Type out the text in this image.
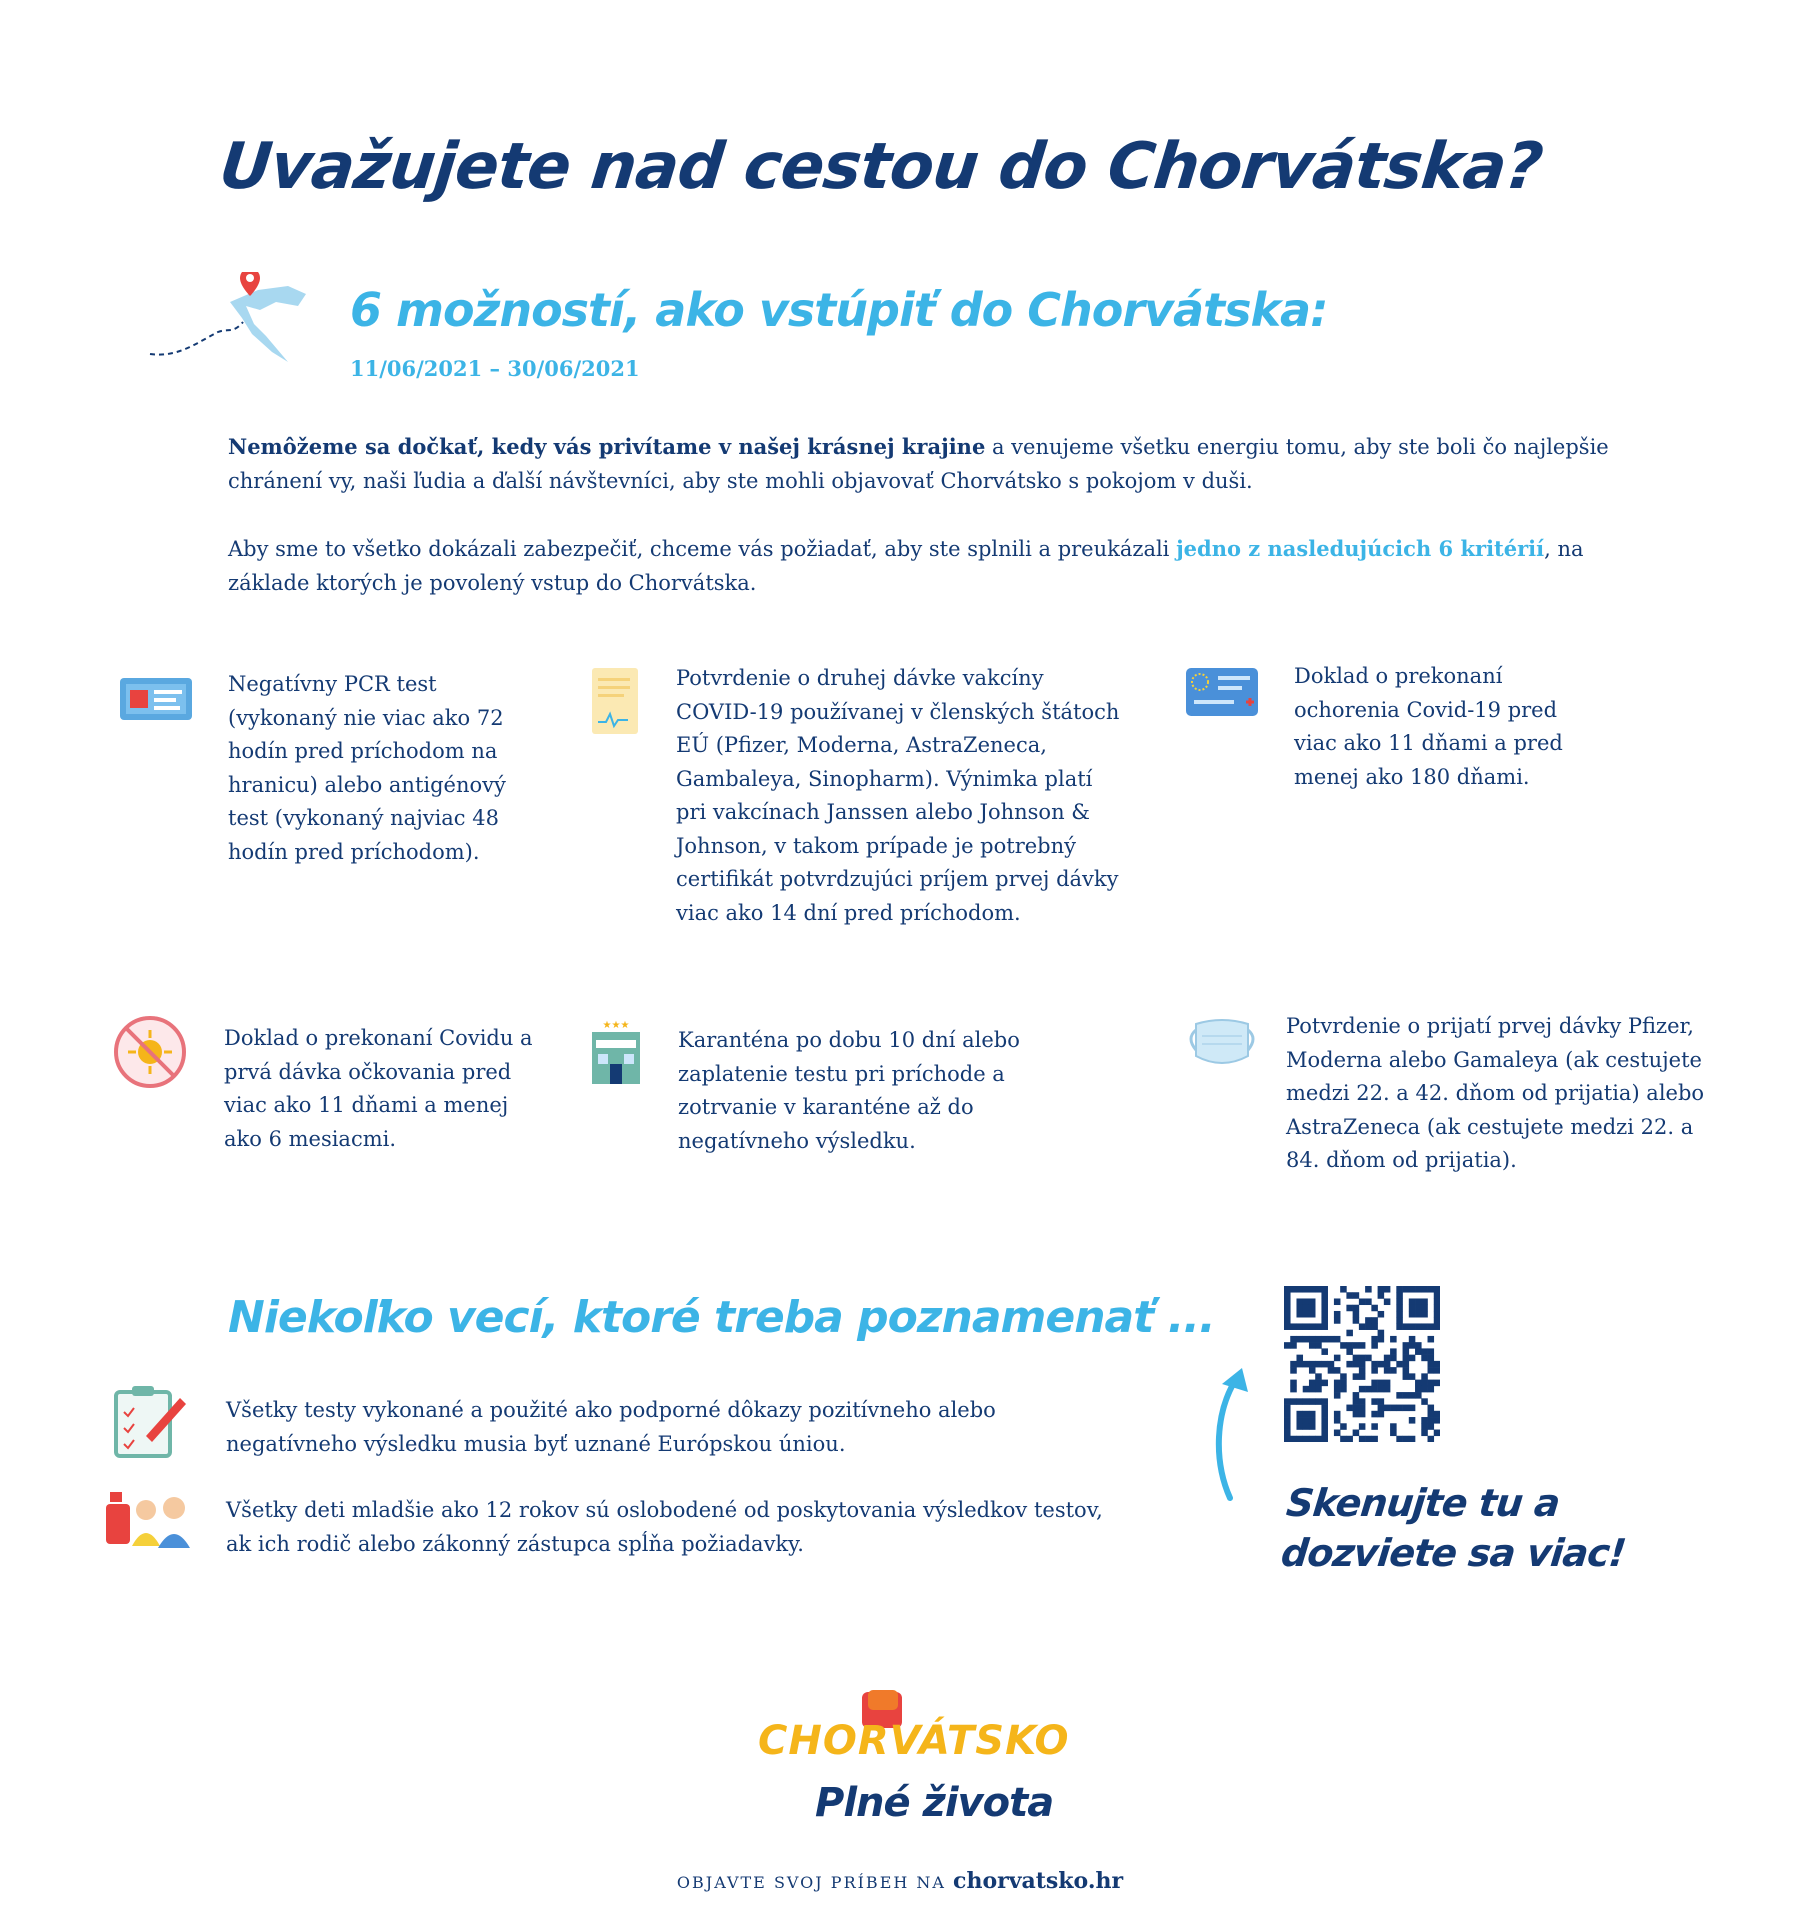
Uvažujete nad cestou do Chorvátska?
6 možností, ako vstúpiť do Chorvátska:
11/06/2021 – 30/06/2021
Nemôžeme sa dočkať, kedy vás privítame v našej krásnej krajine a venujeme všetku energiu tomu, aby ste boli čo najlepšie chránení vy, naši ľudia a ďalší návštevníci, aby ste mohli objavovať Chorvátsko s pokojom v duši.
Aby sme to všetko dokázali zabezpečiť, chceme vás požiadať, aby ste splnili a preukázali jedno z nasledujúcich 6 kritérií, na základe ktorých je povolený vstup do Chorvátska.
★★★
Negatívny PCR test (vykonaný nie viac ako 72 hodín pred príchodom na hranicu) alebo antigénový test (vykonaný najviac 48 hodín pred príchodom).
Potvrdenie o druhej dávke vakcíny COVID-19 používanej v členských štátoch EÚ (Pfizer, Moderna, AstraZeneca, Gambaleya, Sinopharm). Výnimka platí pri vakcínach Janssen alebo Johnson & Johnson, v takom prípade je potrebný certifikát potvrdzujúci príjem prvej dávky viac ako 14 dní pred príchodom.
Doklad o prekonaní ochorenia Covid-19 pred viac ako 11 dňami a pred menej ako 180 dňami.
Doklad o prekonaní Covidu a prvá dávka očkovania pred viac ako 11 dňami a menej ako 6 mesiacmi.
Karanténa po dobu 10 dní alebo zaplatenie testu pri príchode a zotrvanie v karanténe až do negatívneho výsledku.
Potvrdenie o prijatí prvej dávky Pfizer, Moderna alebo Gamaleya (ak cestujete medzi 22. a 42. dňom od prijatia) alebo AstraZeneca (ak cestujete medzi 22. a 84. dňom od prijatia).
Niekoľko vecí, ktoré treba poznamenať ...
Všetky testy vykonané a použité ako podporné dôkazy pozitívneho alebo negatívneho výsledku musia byť uznané Európskou úniou.
Všetky deti mladšie ako 12 rokov sú oslobodené od poskytovania výsledkov testov, ak ich rodič alebo zákonný zástupca spĺňa požiadavky.
Skenujte tu a
dozviete sa viac!
CHORVÁTSKO
Plné života
OBJAVTE SVOJ PRÍBEH NA chorvatsko.hr
